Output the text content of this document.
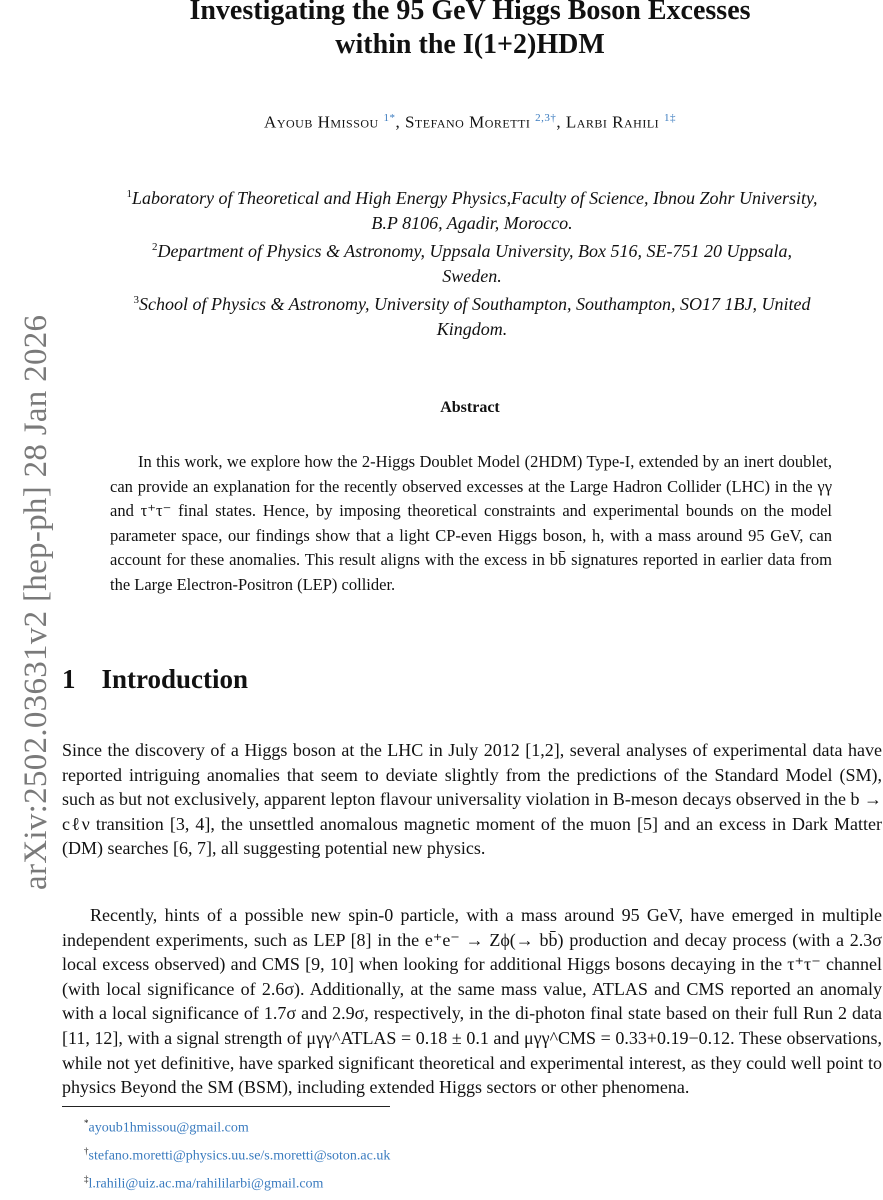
arXiv:2502.03631v2 [hep-ph] 28 Jan 2026
Investigating the 95 GeV Higgs Boson Excesses
within the I(1+2)HDM
Ayoub Hmissou $^{1*}$, Stefano Moretti $^{2,3\dagger}$, Larbi Rahili $^{1\ddagger}$
$^1$Laboratory of Theoretical and High Energy Physics,Faculty of Science, Ibnou Zohr University,
B.P 8106, Agadir, Morocco.
$^2$Department of Physics & Astronomy, Uppsala University, Box 516, SE-751 20 Uppsala,
Sweden.
$^3$School of Physics & Astronomy, University of Southampton, Southampton, SO17 1BJ, United
Kingdom.
Abstract
In this work, we explore how the 2-Higgs Doublet Model (2HDM) Type-I, extended by an inert doublet, can provide an explanation for the recently observed excesses at the Large Hadron Collider (LHC) in the γγ and τ⁺τ⁻ final states. Hence, by imposing theoretical constraints and experimental bounds on the model parameter space, our findings show that a light CP-even Higgs boson, h, with a mass around 95 GeV, can account for these anomalies. This result aligns with the excess in bb̄ signatures reported in earlier data from the Large Electron-Positron (LEP) collider.
1 Introduction
Since the discovery of a Higgs boson at the LHC in July 2012 [1,2], several analyses of experimental data have reported intriguing anomalies that seem to deviate slightly from the predictions of the Standard Model (SM), such as but not exclusively, apparent lepton flavour universality violation in B-meson decays observed in the b → cℓν transition [3, 4], the unsettled anomalous magnetic moment of the muon [5] and an excess in Dark Matter (DM) searches [6, 7], all suggesting potential new physics.
Recently, hints of a possible new spin-0 particle, with a mass around 95 GeV, have emerged in multiple independent experiments, such as LEP [8] in the e⁺e⁻ → Zϕ(→ bb̄) production and decay process (with a 2.3σ local excess observed) and CMS [9, 10] when looking for additional Higgs bosons decaying in the τ⁺τ⁻ channel (with local significance of 2.6σ). Additionally, at the same mass value, ATLAS and CMS reported an anomaly with a local significance of 1.7σ and 2.9σ, respectively, in the di-photon final state based on their full Run 2 data [11, 12], with a signal strength of μγγ^ATLAS = 0.18 ± 0.1 and μγγ^CMS = 0.33+0.19−0.12. These observations, while not yet definitive, have sparked significant theoretical and experimental interest, as they could well point to physics Beyond the SM (BSM), including extended Higgs sectors or other phenomena.
*ayoub1hmissou@gmail.com
†stefano.moretti@physics.uu.se/s.moretti@soton.ac.uk
‡l.rahili@uiz.ac.ma/rahililarbi@gmail.com
